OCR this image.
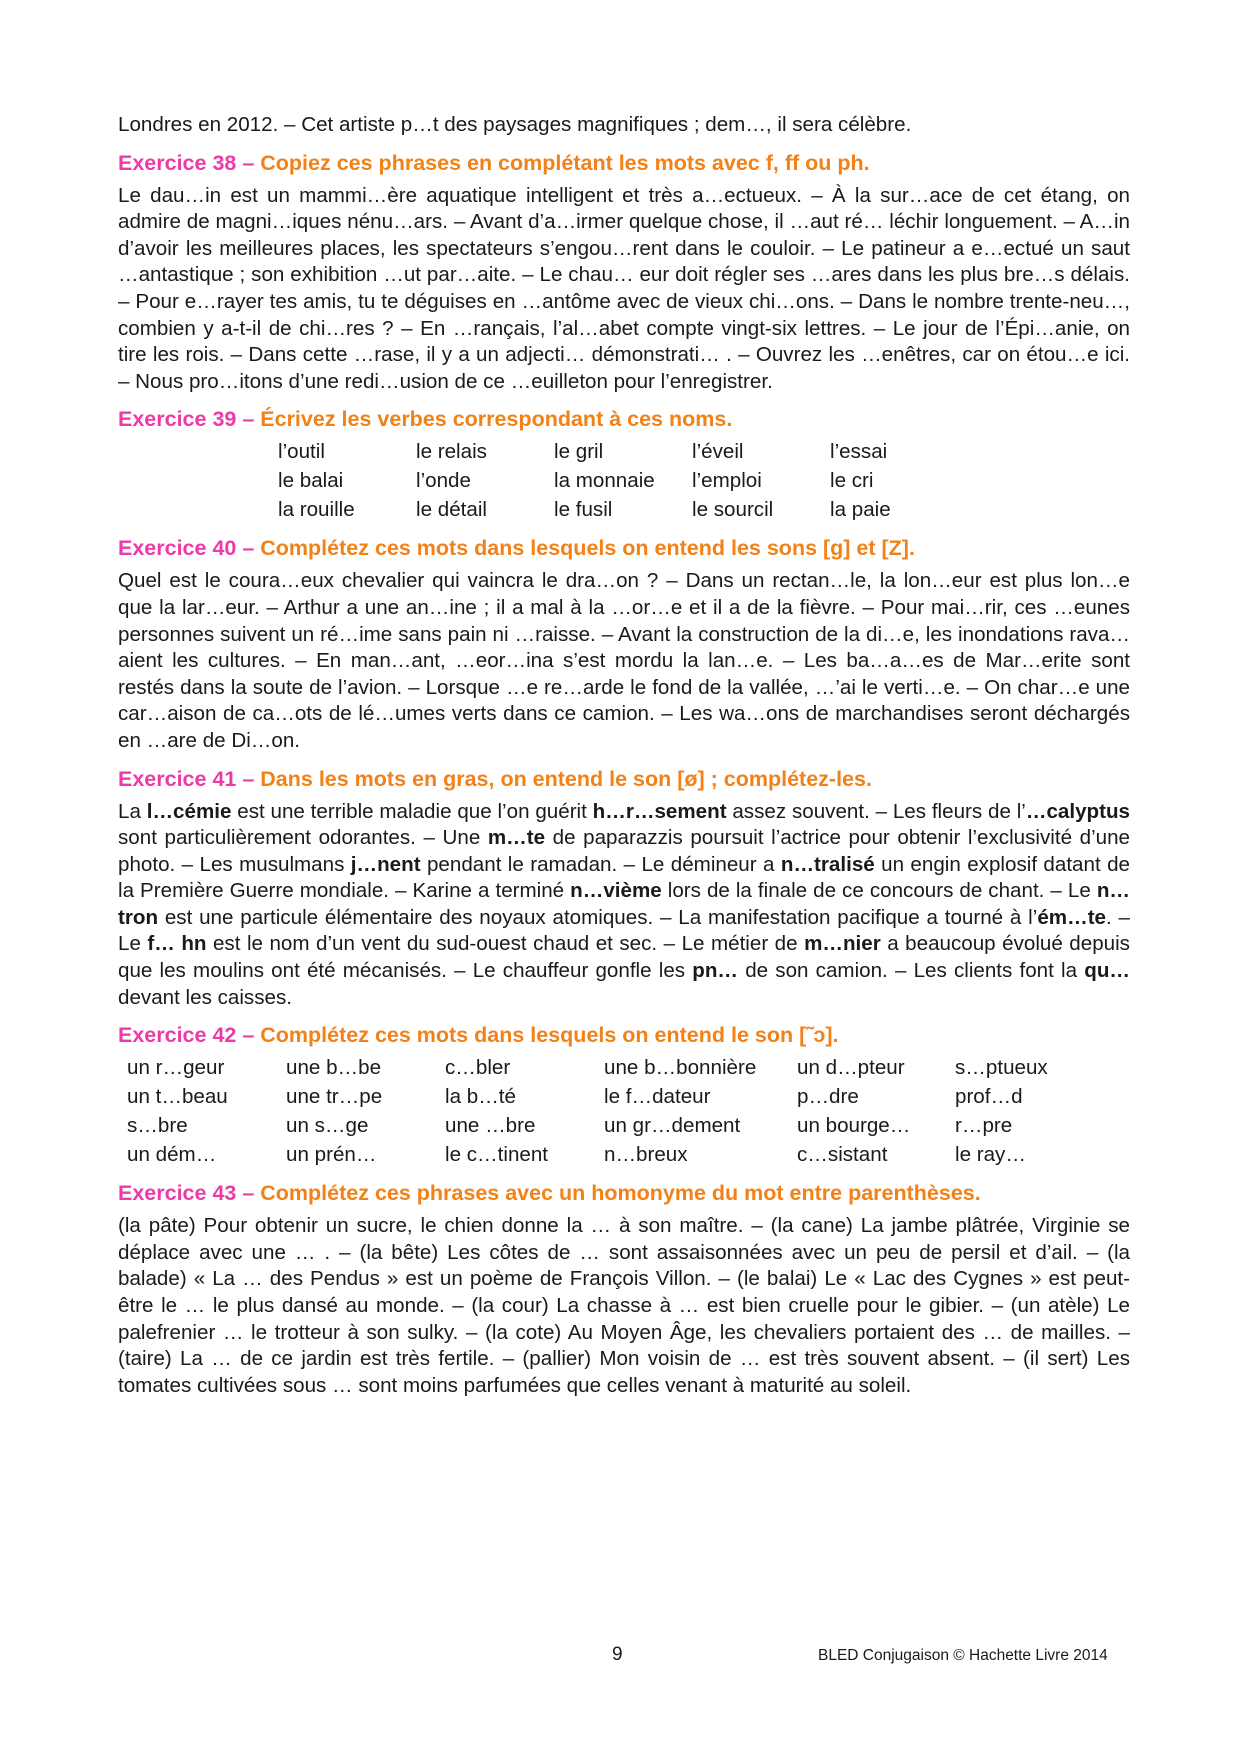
Londres en 2012. – Cet artiste p…t des paysages magnifiques ; dem…, il sera célèbre.

Exercice 38 – Copiez ces phrases en complétant les mots avec f, ff ou ph.

Le dau…in est un mammi…ère aquatique intelligent et très a…ectueux. – À la sur…ace de cet étang, on admire de magni…iques nénu…ars. – Avant d’a…irmer quelque chose, il …aut ré… léchir longuement. – A…in d’avoir les meilleures places, les spectateurs s’engou…rent dans le couloir. – Le patineur a e…ectué un saut …antastique ; son exhibition …ut par…aite. – Le chau… eur doit régler ses …ares dans les plus bre…s délais. – Pour e…rayer tes amis, tu te déguises en …antôme avec de vieux chi…ons. – Dans le nombre trente-neu…, combien y a-t-il de chi…res ? – En …rançais, l’al…abet compte vingt-six lettres. – Le jour de l’Épi…anie, on tire les rois. – Dans cette …rase, il y a un adjecti… démonstrati… . – Ouvrez les …enêtres, car on étou…e ici. – Nous pro…itons d’une redi…usion de ce …euilleton pour l’enregistrer.

Exercice 39 – Écrivez les verbes correspondant à ces noms.
l’outil	le relais	le gril	l’éveil	l’essai
le balai	l’onde	la monnaie	l’emploi	le cri
la rouille	le détail	le fusil	le sourcil	la paie
Exercice 40 – Complétez ces mots dans lesquels on entend les sons [g] et [Z].

Quel est le coura…eux chevalier qui vaincra le dra…on ? – Dans un rectan…le, la lon…eur est plus lon…e que la lar…eur. – Arthur a une an…ine ; il a mal à la …or…e et il a de la fièvre. – Pour mai…rir, ces …eunes personnes suivent un ré…ime sans pain ni …raisse. – Avant la construction de la di…e, les inondations rava…aient les cultures. – En man…ant, …eor…ina s’est mordu la lan…e. – Les ba…a…es de Mar…erite sont restés dans la soute de l’avion. – Lorsque …e re…arde le fond de la vallée, …’ai le verti…e. – On char…e une car…aison de ca…ots de lé…umes verts dans ce camion. – Les wa…ons de marchandises seront déchargés en …are de Di…on.

Exercice 41 – Dans les mots en gras, on entend le son [ø] ; complétez-les.

La l…cémie est une terrible maladie que l’on guérit h…r…sement assez souvent. – Les fleurs de l’…calyptus sont particulièrement odorantes. – Une m…te de paparazzis poursuit l’actrice pour obtenir l’exclusivité d’une photo. – Les musulmans j…nent pendant le ramadan. – Le démineur a n…tralisé un engin explosif datant de la Première Guerre mondiale. – Karine a terminé n…vième lors de la finale de ce concours de chant. – Le n…tron est une particule élémentaire des noyaux atomiques. – La manifestation pacifique a tourné à l’ém…te. – Le f… hn est le nom d’un vent du sud-ouest chaud et sec. – Le métier de m…nier a beaucoup évolué depuis que les moulins ont été mécanisés. – Le chauffeur gonfle les pn… de son camion. – Les clients font la qu… devant les caisses.

Exercice 42 – Complétez ces mots dans lesquels on entend le son [˜ɔ].
un r…geur	une b…be	c…bler	une b…bonnière	un d…pteur	s…ptueux
un t…beau	une tr…pe	la b…té	le f…dateur	p…dre	prof…d
s…bre	un s…ge	une …bre	un gr…dement	un bourge…	r…pre
un dém…	un prén…	le c…tinent	n…breux	c…sistant	le ray…
Exercice 43 – Complétez ces phrases avec un homonyme du mot entre parenthèses.

(la pâte) Pour obtenir un sucre, le chien donne la … à son maître. – (la cane) La jambe plâtrée, Virginie se déplace avec une … . – (la bête) Les côtes de … sont assaisonnées avec un peu de persil et d’ail. – (la balade) « La … des Pendus » est un poème de François Villon. – (le balai) Le « Lac des Cygnes » est peut-être le … le plus dansé au monde. – (la cour) La chasse à … est bien cruelle pour le gibier. – (un atèle) Le palefrenier … le trotteur à son sulky. – (la cote) Au Moyen Âge, les chevaliers portaient des … de mailles. – (taire) La … de ce jardin est très fertile. – (pallier) Mon voisin de … est très souvent absent. – (il sert) Les tomates cultivées sous … sont moins parfumées que celles venant à maturité au soleil.

9	BLED Conjugaison © Hachette Livre 2014
